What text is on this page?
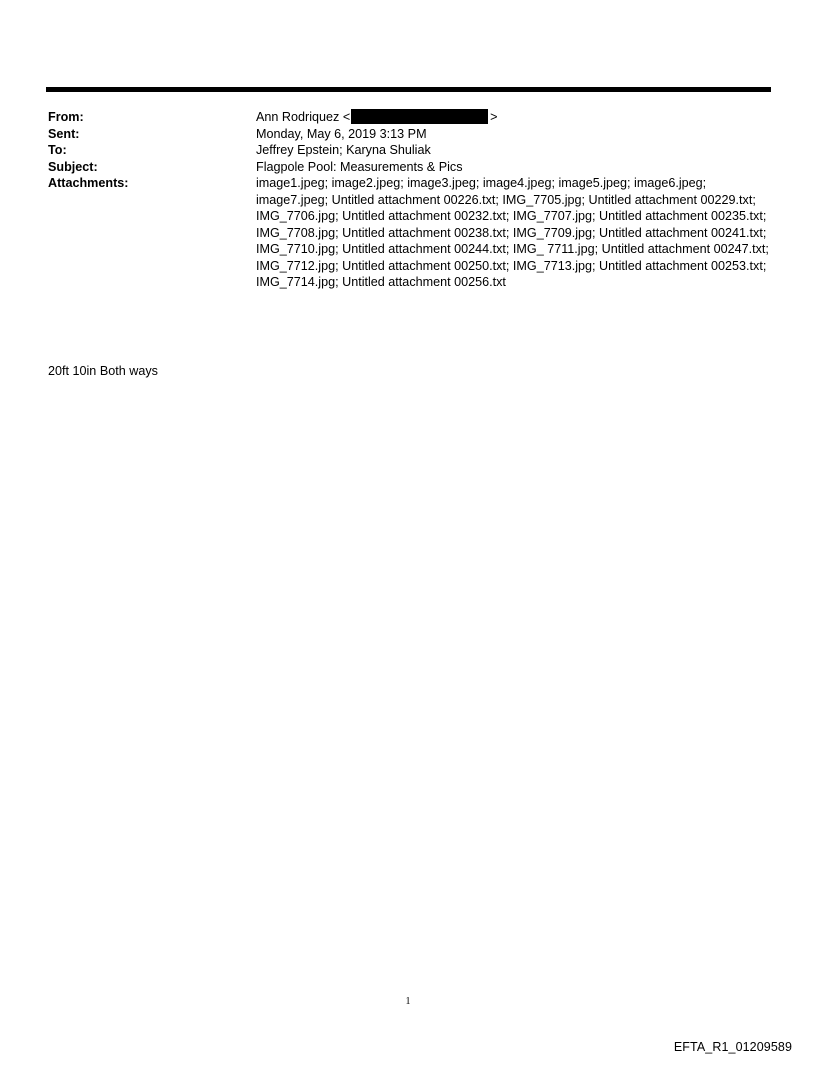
From:	Ann Rodriquez <	>
Sent:	Monday, May 6, 2019 3:13 PM
To:	Jeffrey Epstein; Karyna Shuliak
Subject:	Flagpole Pool: Measurements & Pics
Attachments:	image1.jpeg; image2.jpeg; image3.jpeg; image4.jpeg; image5.jpeg; image6.jpeg; image7.jpeg; Untitled attachment 00226.txt; IMG_7705.jpg; Untitled attachment 00229.txt; IMG_7706.jpg; Untitled attachment 00232.txt; IMG_7707.jpg; Untitled attachment 00235.txt; IMG_7708.jpg; Untitled attachment 00238.txt; IMG_7709.jpg; Untitled attachment 00241.txt; IMG_7710.jpg; Untitled attachment 00244.txt; IMG_ 7711.jpg; Untitled attachment 00247.txt; IMG_7712.jpg; Untitled attachment 00250.txt; IMG_7713.jpg; Untitled attachment 00253.txt; IMG_7714.jpg; Untitled attachment 00256.txt
20ft 10in Both ways
1
EFTA_R1_01209589
